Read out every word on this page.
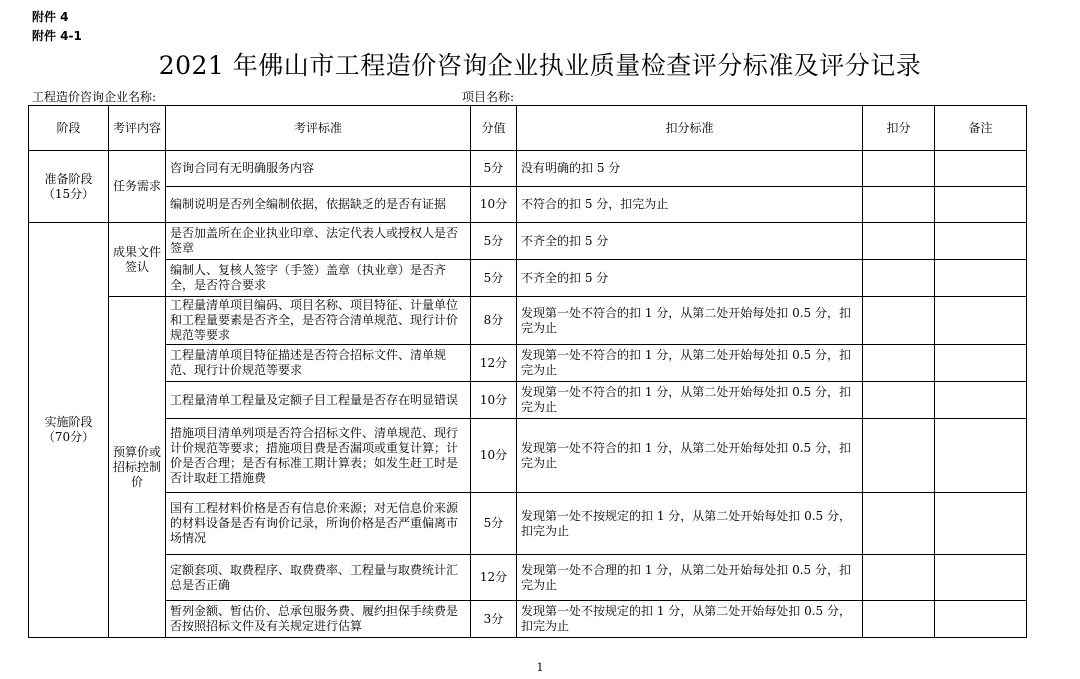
附件 4
附件 4-1
2021 年佛山市工程造价咨询企业执业质量检查评分标准及评分记录
工程造价咨询企业名称:	项目名称:
阶段	考评内容	考评标准	分值	扣分标准	扣分	备注
准备阶段（15分）	任务需求	咨询合同有无明确服务内容	5分	没有明确的扣 5 分		
		编制说明是否列全编制依据，依据缺乏的是否有证据	10分	不符合的扣 5 分，扣完为止		
实施阶段（70分）	成果文件签认	是否加盖所在企业执业印章、法定代表人或授权人是否签章	5分	不齐全的扣 5 分		
		编制人、复核人签字（手签）盖章（执业章）是否齐全，是否符合要求	5分	不齐全的扣 5 分		
	预算价或招标控制价	工程量清单项目编码、项目名称、项目特征、计量单位和工程量要素是否齐全，是否符合清单规范、现行计价规范等要求	8分	发现第一处不符合的扣 1 分，从第二处开始每处扣 0.5 分，扣完为止		
		工程量清单项目特征描述是否符合招标文件、清单规范、现行计价规范等要求	12分	发现第一处不符合的扣 1 分，从第二处开始每处扣 0.5 分，扣完为止		
		工程量清单工程量及定额子目工程量是否存在明显错误	10分	发现第一处不符合的扣 1 分，从第二处开始每处扣 0.5 分，扣完为止		
		措施项目清单列项是否符合招标文件、清单规范、现行计价规范等要求；措施项目费是否漏项或重复计算；计价是否合理；是否有标准工期计算表；如发生赶工时是否计取赶工措施费	10分	发现第一处不符合的扣 1 分，从第二处开始每处扣 0.5 分，扣完为止		
		国有工程材料价格是否有信息价来源；对无信息价来源的材料设备是否有询价记录，所询价格是否严重偏离市场情况	5分	发现第一处不按规定的扣 1 分，从第二处开始每处扣 0.5 分，扣完为止		
		定额套项、取费程序、取费费率、工程量与取费统计汇总是否正确	12分	发现第一处不合理的扣 1 分，从第二处开始每处扣 0.5 分，扣完为止		
		暂列金额、暂估价、总承包服务费、履约担保手续费是否按照招标文件及有关规定进行估算	3分	发现第一处不按规定的扣 1 分，从第二处开始每处扣 0.5 分，扣完为止		
1
